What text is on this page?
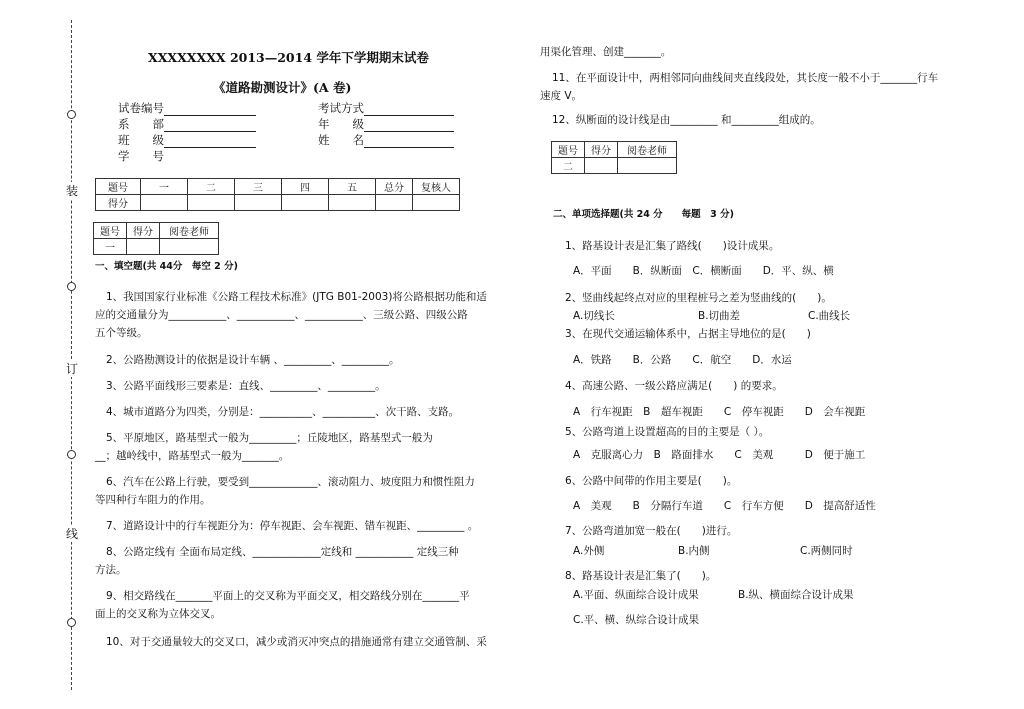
装
订
线
XXXXXXXX 2013—2014 学年下学期期末试卷
《道路勘测设计》(A 卷)
试卷编号	考试方式
系　　部	年　　级
班　　级	姓　　名
学　　号
题号	一	二	三	四	五	总分	复核人
得分							
题号	得分	阅卷老师
一		
一、填空题(共 44分　每空 2 分)
1、我国国家行业标准《公路工程技术标准》(JTG B01-2003)将公路根据功能和适
应的交通量分为___________、___________、___________、三级公路、四级公路
五个等级。
2、公路勘测设计的依据是设计车辆 、_________、_________。
3、公路平面线形三要素是：直线、_________、_________。
4、城市道路分为四类，分别是：__________、__________、次干路、支路。
5、平原地区，路基型式一般为_________；丘陵地区，路基型式一般为
__；越岭线中，路基型式一般为_______。
6、汽车在公路上行驶，要受到_____________、滚动阻力、坡度阻力和惯性阻力
等四种行车阻力的作用。
7、道路设计中的行车视距分为：停车视距、会车视距、错车视距、_________ 。
8、公路定线有 全面布局定线、_____________定线和 ___________ 定线三种
方法。
9、相交路线在_______平面上的交叉称为平面交叉，相交路线分别在_______平
面上的交叉称为立体交叉。
10、对于交通量较大的交叉口，减少或消灭冲突点的措施通常有建立交通管制、采
用渠化管理、创建_______。
11、在平面设计中，两相邻同向曲线间夹直线段处，其长度一般不小于_______行车
速度 V。
12、纵断面的设计线是由_________ 和_________组成的。
题号	得分	阅卷老师
二		
二、单项选择题(共 24 分　　每题　3 分)
1、路基设计表是汇集了路线(　　)设计成果。
A．平面　　B．纵断面　C．横断面　　D．平、纵、横
2、竖曲线起终点对应的里程桩号之差为竖曲线的(　　)。
A.切线长	B.切曲差	C.曲线长
3、在现代交通运输体系中，占据主导地位的是(　　)
A．铁路　　B．公路　　C．航空　　D．水运
4、高速公路、一级公路应满足(　　) 的要求。
A　行车视距　B　超车视距　　C　停车视距　　D　会车视距
5、公路弯道上设置超高的目的主要是（ ）。
A　克服离心力　B　路面排水　　C　美观　　　D　便于施工
6、公路中间带的作用主要是(　　)。
A　美观　　B　分隔行车道　　C　行车方便　　D　提高舒适性
7、公路弯道加宽一般在(　　)进行。
A.外侧	B.内侧	C.两侧同时
8、路基设计表是汇集了(　　)。
A.平面、纵面综合设计成果	B.纵、横面综合设计成果
C.平、横、纵综合设计成果
